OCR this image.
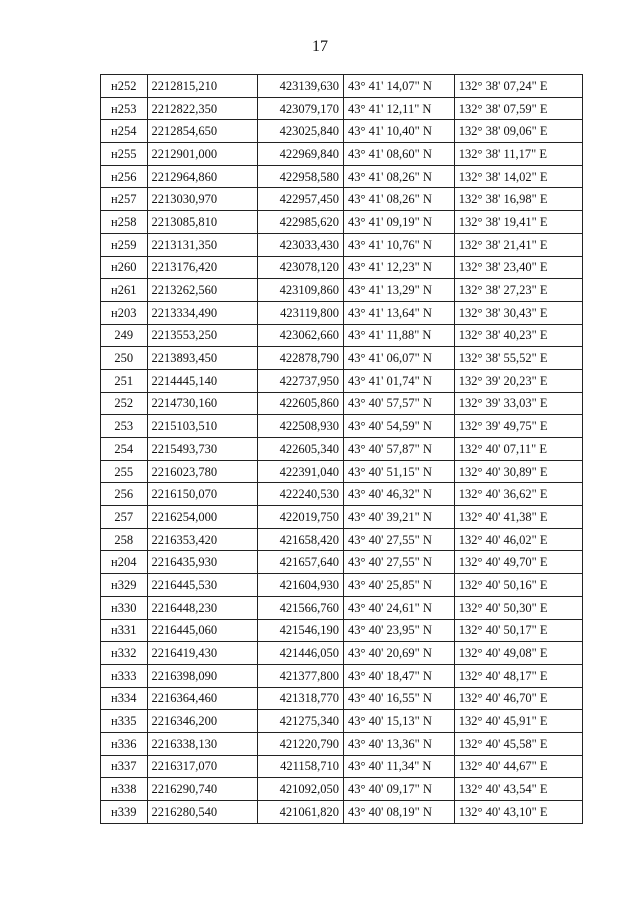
17
н252	2212815,210	423139,630	43° 41' 14,07" N	132° 38' 07,24" E
н253	2212822,350	423079,170	43° 41' 12,11" N	132° 38' 07,59" E
н254	2212854,650	423025,840	43° 41' 10,40" N	132° 38' 09,06" E
н255	2212901,000	422969,840	43° 41' 08,60" N	132° 38' 11,17" E
н256	2212964,860	422958,580	43° 41' 08,26" N	132° 38' 14,02" E
н257	2213030,970	422957,450	43° 41' 08,26" N	132° 38' 16,98" E
н258	2213085,810	422985,620	43° 41' 09,19" N	132° 38' 19,41" E
н259	2213131,350	423033,430	43° 41' 10,76" N	132° 38' 21,41" E
н260	2213176,420	423078,120	43° 41' 12,23" N	132° 38' 23,40" E
н261	2213262,560	423109,860	43° 41' 13,29" N	132° 38' 27,23" E
н203	2213334,490	423119,800	43° 41' 13,64" N	132° 38' 30,43" E
249	2213553,250	423062,660	43° 41' 11,88" N	132° 38' 40,23" E
250	2213893,450	422878,790	43° 41' 06,07" N	132° 38' 55,52" E
251	2214445,140	422737,950	43° 41' 01,74" N	132° 39' 20,23" E
252	2214730,160	422605,860	43° 40' 57,57" N	132° 39' 33,03" E
253	2215103,510	422508,930	43° 40' 54,59" N	132° 39' 49,75" E
254	2215493,730	422605,340	43° 40' 57,87" N	132° 40' 07,11" E
255	2216023,780	422391,040	43° 40' 51,15" N	132° 40' 30,89" E
256	2216150,070	422240,530	43° 40' 46,32" N	132° 40' 36,62" E
257	2216254,000	422019,750	43° 40' 39,21" N	132° 40' 41,38" E
258	2216353,420	421658,420	43° 40' 27,55" N	132° 40' 46,02" E
н204	2216435,930	421657,640	43° 40' 27,55" N	132° 40' 49,70" E
н329	2216445,530	421604,930	43° 40' 25,85" N	132° 40' 50,16" E
н330	2216448,230	421566,760	43° 40' 24,61" N	132° 40' 50,30" E
н331	2216445,060	421546,190	43° 40' 23,95" N	132° 40' 50,17" E
н332	2216419,430	421446,050	43° 40' 20,69" N	132° 40' 49,08" E
н333	2216398,090	421377,800	43° 40' 18,47" N	132° 40' 48,17" E
н334	2216364,460	421318,770	43° 40' 16,55" N	132° 40' 46,70" E
н335	2216346,200	421275,340	43° 40' 15,13" N	132° 40' 45,91" E
н336	2216338,130	421220,790	43° 40' 13,36" N	132° 40' 45,58" E
н337	2216317,070	421158,710	43° 40' 11,34" N	132° 40' 44,67" E
н338	2216290,740	421092,050	43° 40' 09,17" N	132° 40' 43,54" E
н339	2216280,540	421061,820	43° 40' 08,19" N	132° 40' 43,10" E
